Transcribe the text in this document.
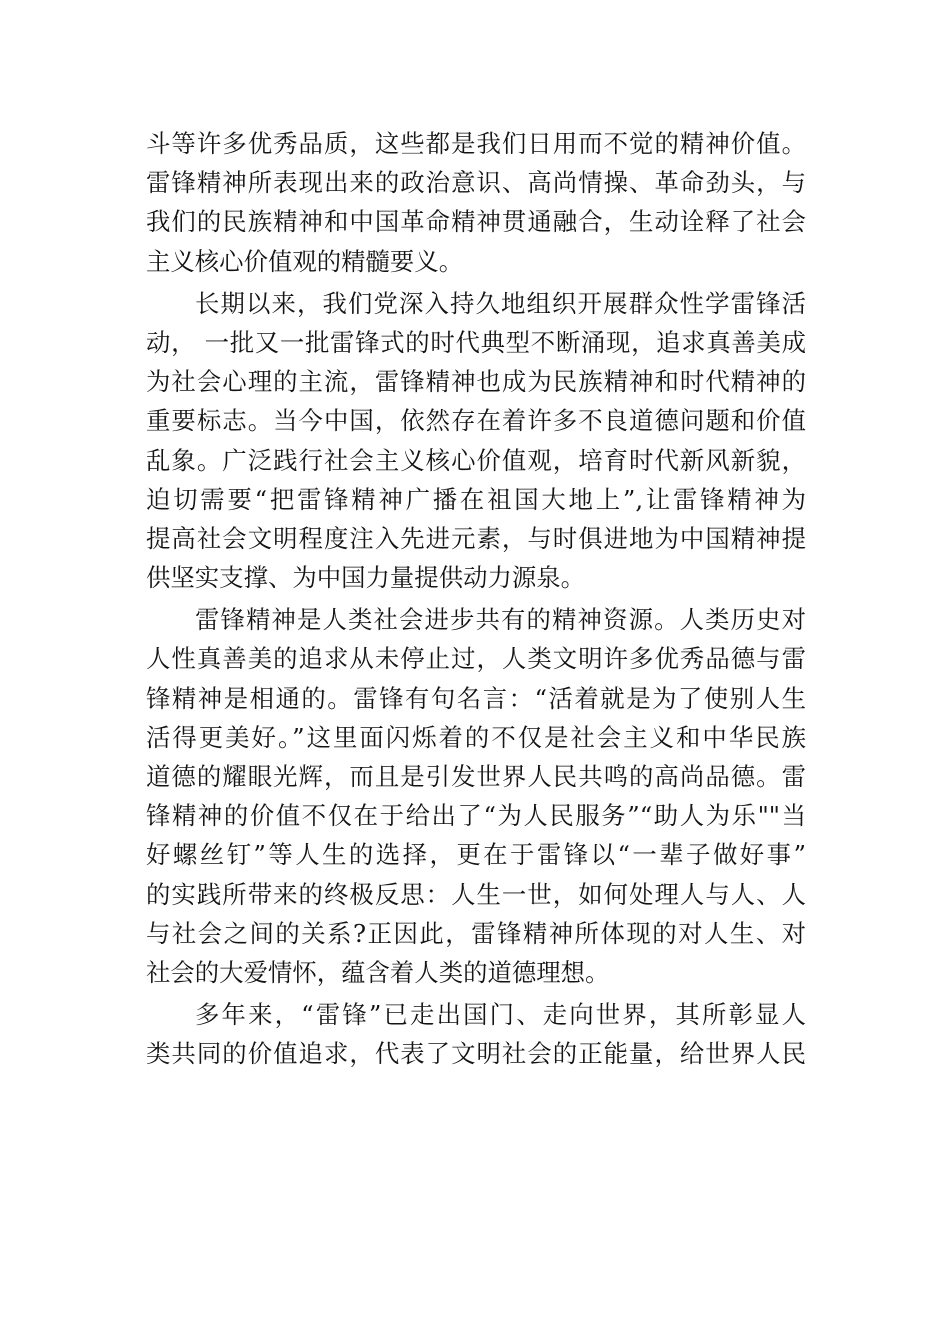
斗等许多优秀品质，这些都是我们日用而不觉的精神价值。
雷锋精神所表现出来的政治意识、高尚情操、革命劲头，与
我们的民族精神和中国革命精神贯通融合，生动诠释了社会
主义核心价值观的精髓要义。
长期以来，我们党深入持久地组织开展群众性学雷锋活
动， 一批又一批雷锋式的时代典型不断涌现，追求真善美成
为社会心理的主流，雷锋精神也成为民族精神和时代精神的
重要标志。当今中国，依然存在着许多不良道德问题和价值
乱象。广泛践行社会主义核心价值观，培育时代新风新貌，
迫切需要“把雷锋精神广播在祖国大地上”,让雷锋精神为
提高社会文明程度注入先进元素，与时俱进地为中国精神提
供坚实支撑、为中国力量提供动力源泉。
雷锋精神是人类社会进步共有的精神资源。人类历史对
人性真善美的追求从未停止过，人类文明许多优秀品德与雷
锋精神是相通的。雷锋有句名言：“活着就是为了使别人生
活得更美好。”这里面闪烁着的不仅是社会主义和中华民族
道德的耀眼光辉，而且是引发世界人民共鸣的高尚品德。雷
锋精神的价值不仅在于给出了“为人民服务”“助人为乐""当
好螺丝钉”等人生的选择，更在于雷锋以“一辈子做好事”
的实践所带来的终极反思：人生一世，如何处理人与人、人
与社会之间的关系?正因此，雷锋精神所体现的对人生、对
社会的大爱情怀，蕴含着人类的道德理想。
多年来，“雷锋”已走出国门、走向世界，其所彰显人
类共同的价值追求，代表了文明社会的正能量，给世界人民
